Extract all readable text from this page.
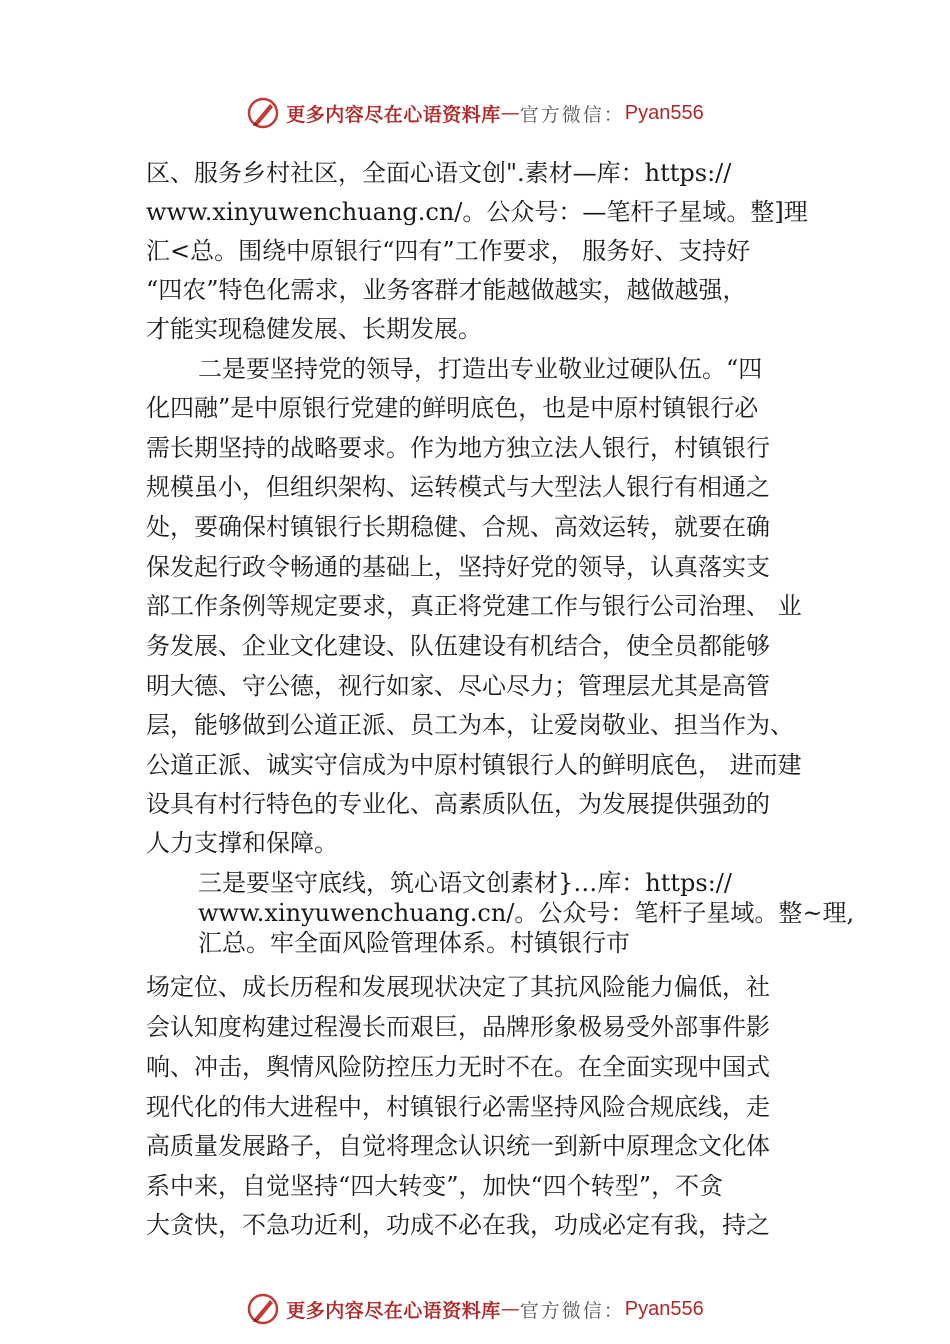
更多内容尽在心语资料库 — 官方微信： Pyan556
区、服务乡村社区，全面心语文创".素材—库：https://
www.xinyuwenchuang.cn/。公众号：—笔杆子星域。整]理
汇<总。围绕中原银行“四有”工作要求， 服务好、支持好
“四农”特色化需求，业务客群才能越做越实，越做越强，
才能实现稳健发展、长期发展。
二是要坚持党的领导，打造出专业敬业过硬队伍。“四
化四融”是中原银行党建的鲜明底色，也是中原村镇银行必
需长期坚持的战略要求。作为地方独立法人银行，村镇银行
规模虽小，但组织架构、运转模式与大型法人银行有相通之
处，要确保村镇银行长期稳健、合规、高效运转，就要在确
保发起行政令畅通的基础上，坚持好党的领导，认真落实支
部工作条例等规定要求，真正将党建工作与银行公司治理、 业
务发展、企业文化建设、队伍建设有机结合，使全员都能够
明大德、守公德，视行如家、尽心尽力；管理层尤其是高管
层，能够做到公道正派、员工为本，让爱岗敬业、担当作为、
公道正派、诚实守信成为中原村镇银行人的鲜明底色， 进而建
设具有村行特色的专业化、高素质队伍，为发展提供强劲的
人力支撑和保障。
三是要坚守底线，筑心语文创素材}…库：https://
www.xinyuwenchuang.cn/。公众号：笔杆子星域。整~理,
汇总。牢全面风险管理体系。村镇银行市
场定位、成长历程和发展现状决定了其抗风险能力偏低，社
会认知度构建过程漫长而艰巨，品牌形象极易受外部事件影
响、冲击，舆情风险防控压力无时不在。在全面实现中国式
现代化的伟大进程中，村镇银行必需坚持风险合规底线，走
高质量发展路子，自觉将理念认识统一到新中原理念文化体
系中来，自觉坚持“四大转变”，加快“四个转型”，不贪
大贪快，不急功近利，功成不必在我，功成必定有我，持之
更多内容尽在心语资料库 — 官方微信： Pyan556
